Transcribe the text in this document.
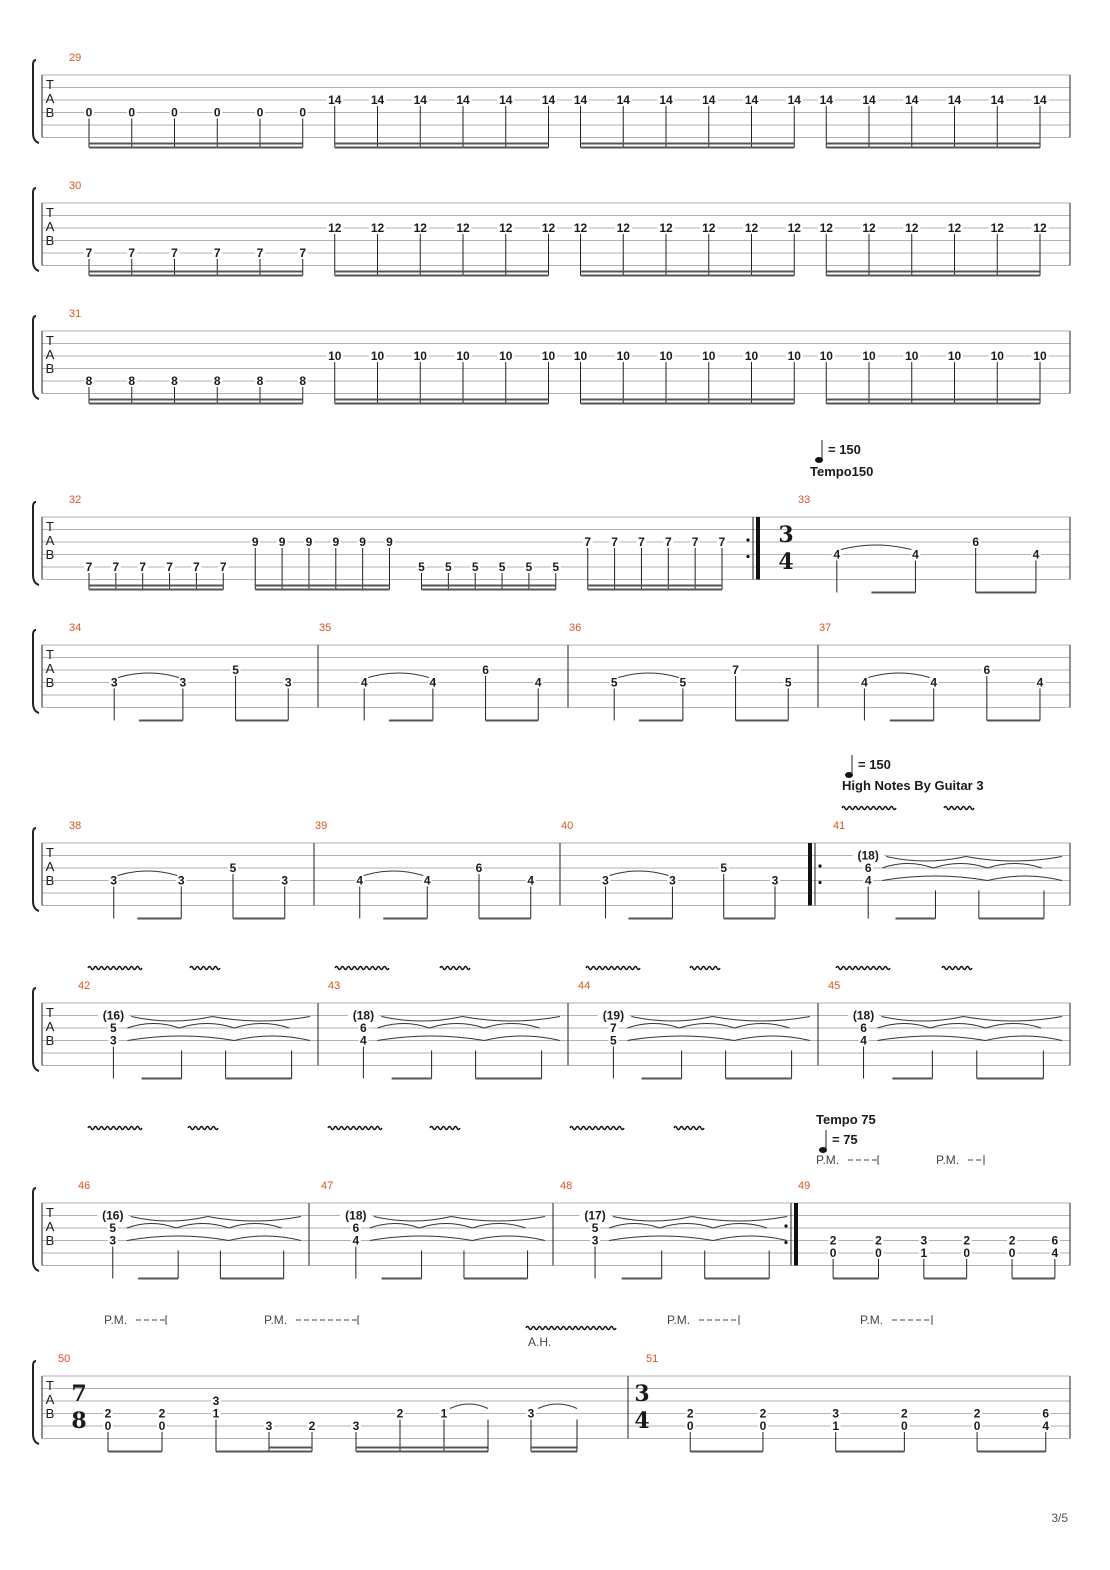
T
A
B
T
A
B
T
A
B
T
A
B
T
A
B
T
A
B
T
A
B
T
A
B
T
A
B
29
0	0	0	0	0	0
14 14 14 14 14 14 14 14 14 14 14 14 14 14 14 14 14 14
30
7	7	7	7	7	7
12 12 12 12 12 12 12 12 12 12 12 12 12 12 12 12 12 12
31
8	8	8	8	8	8
10 10 10 10 10 10 10 10 10 10 10 10 10 10 10 10 10 10
32
7 7 7 7 7 7
9 9 9 9 9 9
5 5 5 5 5 5
7 7 7 7 7 7
33
4	4
6
4
34
3	3
5
3
35
4	4
6
4
36
5	5
7
5
37
4	4
6
4
38
3	3
5
3
39
4	4
6
4
40
3	3
5
3
41
(18)
6
4
42
(16)
5
3
43
(18)
6
4
44
(19)
7
5
45
(18)
6
4
46
(16)
5
3
47
(18)
6
4
48
(17)
5
3
49
2
0
2
0
3
1
2
0
2
0
6
4
50	51
2
0
2
0
3
1
2
0
2
0
6
4
3
4
= 150
Tempo150
= 150
High Notes By Guitar 3
Tempo 75
= 75
P.M.	P.M.
P.M.	P.M.
A.H.
P.M.	P.M.
7
8 2
0
2
0
3
1
3	2	3
2	1	3
3
4
3/5
